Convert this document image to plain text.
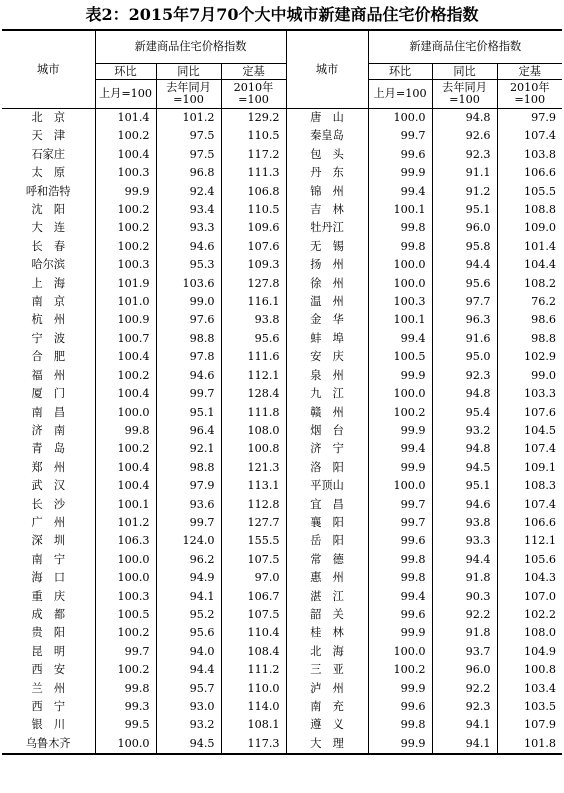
表2：2015年7月70个大中城市新建商品住宅价格指数
城市	新建商品住宅价格指数			城市	新建商品住宅价格指数		
	环比	同比	定基		环比	同比	定基
	上月=100	去年同月=100	2010年=100		上月=100	去年同月=100	2010年=100
北　京	101.4	101.2	129.2	唐　山	100.0	94.8	97.9
天　津	100.2	97.5	110.5	秦皇岛	99.7	92.6	107.4
石家庄	100.4	97.5	117.2	包　头	99.6	92.3	103.8
太　原	100.3	96.8	111.3	丹　东	99.9	91.1	106.6
呼和浩特	99.9	92.4	106.8	锦　州	99.4	91.2	105.5
沈　阳	100.2	93.4	110.5	吉　林	100.1	95.1	108.8
大　连	100.2	93.3	109.6	牡丹江	99.8	96.0	109.0
长　春	100.2	94.6	107.6	无　锡	99.8	95.8	101.4
哈尔滨	100.3	95.3	109.3	扬　州	100.0	94.4	104.4
上　海	101.9	103.6	127.8	徐　州	100.0	95.6	108.2
南　京	101.0	99.0	116.1	温　州	100.3	97.7	76.2
杭　州	100.9	97.6	93.8	金　华	100.1	96.3	98.6
宁　波	100.7	98.8	95.6	蚌　埠	99.4	91.6	98.8
合　肥	100.4	97.8	111.6	安　庆	100.5	95.0	102.9
福　州	100.2	94.6	112.1	泉　州	99.9	92.3	99.0
厦　门	100.4	99.7	128.4	九　江	100.0	94.8	103.3
南　昌	100.0	95.1	111.8	赣　州	100.2	95.4	107.6
济　南	99.8	96.4	108.0	烟　台	99.9	93.2	104.5
青　岛	100.2	92.1	100.8	济　宁	99.4	94.8	107.4
郑　州	100.4	98.8	121.3	洛　阳	99.9	94.5	109.1
武　汉	100.4	97.9	113.1	平顶山	100.0	95.1	108.3
长　沙	100.1	93.6	112.8	宜　昌	99.7	94.6	107.4
广　州	101.2	99.7	127.7	襄　阳	99.7	93.8	106.6
深　圳	106.3	124.0	155.5	岳　阳	99.6	93.3	112.1
南　宁	100.0	96.2	107.5	常　德	99.8	94.4	105.6
海　口	100.0	94.9	97.0	惠　州	99.8	91.8	104.3
重　庆	100.3	94.1	106.7	湛　江	99.4	90.3	107.0
成　都	100.5	95.2	107.5	韶　关	99.6	92.2	102.2
贵　阳	100.2	95.6	110.4	桂　林	99.9	91.8	108.0
昆　明	99.7	94.0	108.4	北　海	100.0	93.7	104.9
西　安	100.2	94.4	111.2	三　亚	100.2	96.0	100.8
兰　州	99.8	95.7	110.0	泸　州	99.9	92.2	103.4
西　宁	99.3	93.0	114.0	南　充	99.6	92.3	103.5
银　川	99.5	93.2	108.1	遵　义	99.8	94.1	107.9
乌鲁木齐	100.0	94.5	117.3	大　理	99.9	94.1	101.8
